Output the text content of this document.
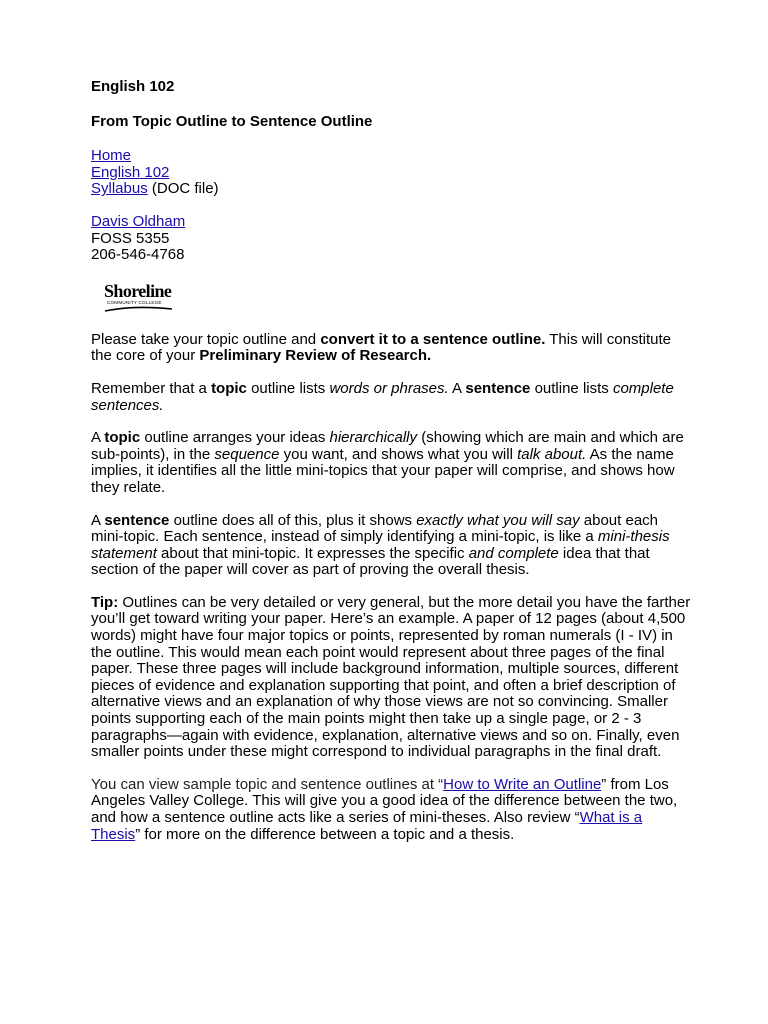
English 102

From Topic Outline to Sentence Outline

Home
English 102
Syllabus (DOC file)
Davis Oldham
FOSS 5355
206-546-4768
Shoreline
COMMUNITY COLLEGE

Please take your topic outline and convert it to a sentence outline. This will constitute the core of your Preliminary Review of Research.

Remember that a topic outline lists words or phrases. A sentence outline lists complete sentences.

A topic outline arranges your ideas hierarchically (showing which are main and which are sub-points), in the sequence you want, and shows what you will talk about. As the name implies, it identifies all the little mini-topics that your paper will comprise, and shows how they relate.

A sentence outline does all of this, plus it shows exactly what you will say about each mini-topic. Each sentence, instead of simply identifying a mini-topic, is like a mini-thesis statement about that mini-topic. It expresses the specific and complete idea that that section of the paper will cover as part of proving the overall thesis.

Tip: Outlines can be very detailed or very general, but the more detail you have the farther you’ll get toward writing your paper. Here’s an example. A paper of 12 pages (about 4,500 words) might have four major topics or points, represented by roman numerals (I - IV) in the outline. This would mean each point would represent about three pages of the final paper. These three pages will include background information, multiple sources, different pieces of evidence and explanation supporting that point, and often a brief description of alternative views and an explanation of why those views are not so convincing. Smaller points supporting each of the main points might then take up a single page, or 2 - 3 paragraphs—again with evidence, explanation, alternative views and so on. Finally, even smaller points under these might correspond to individual paragraphs in the final draft.

You can view sample topic and sentence outlines at “How to Write an Outline” from Los Angeles Valley College. This will give you a good idea of the difference between the two, and how a sentence outline acts like a series of mini-theses. Also review “What is a Thesis” for more on the difference between a topic and a thesis.
